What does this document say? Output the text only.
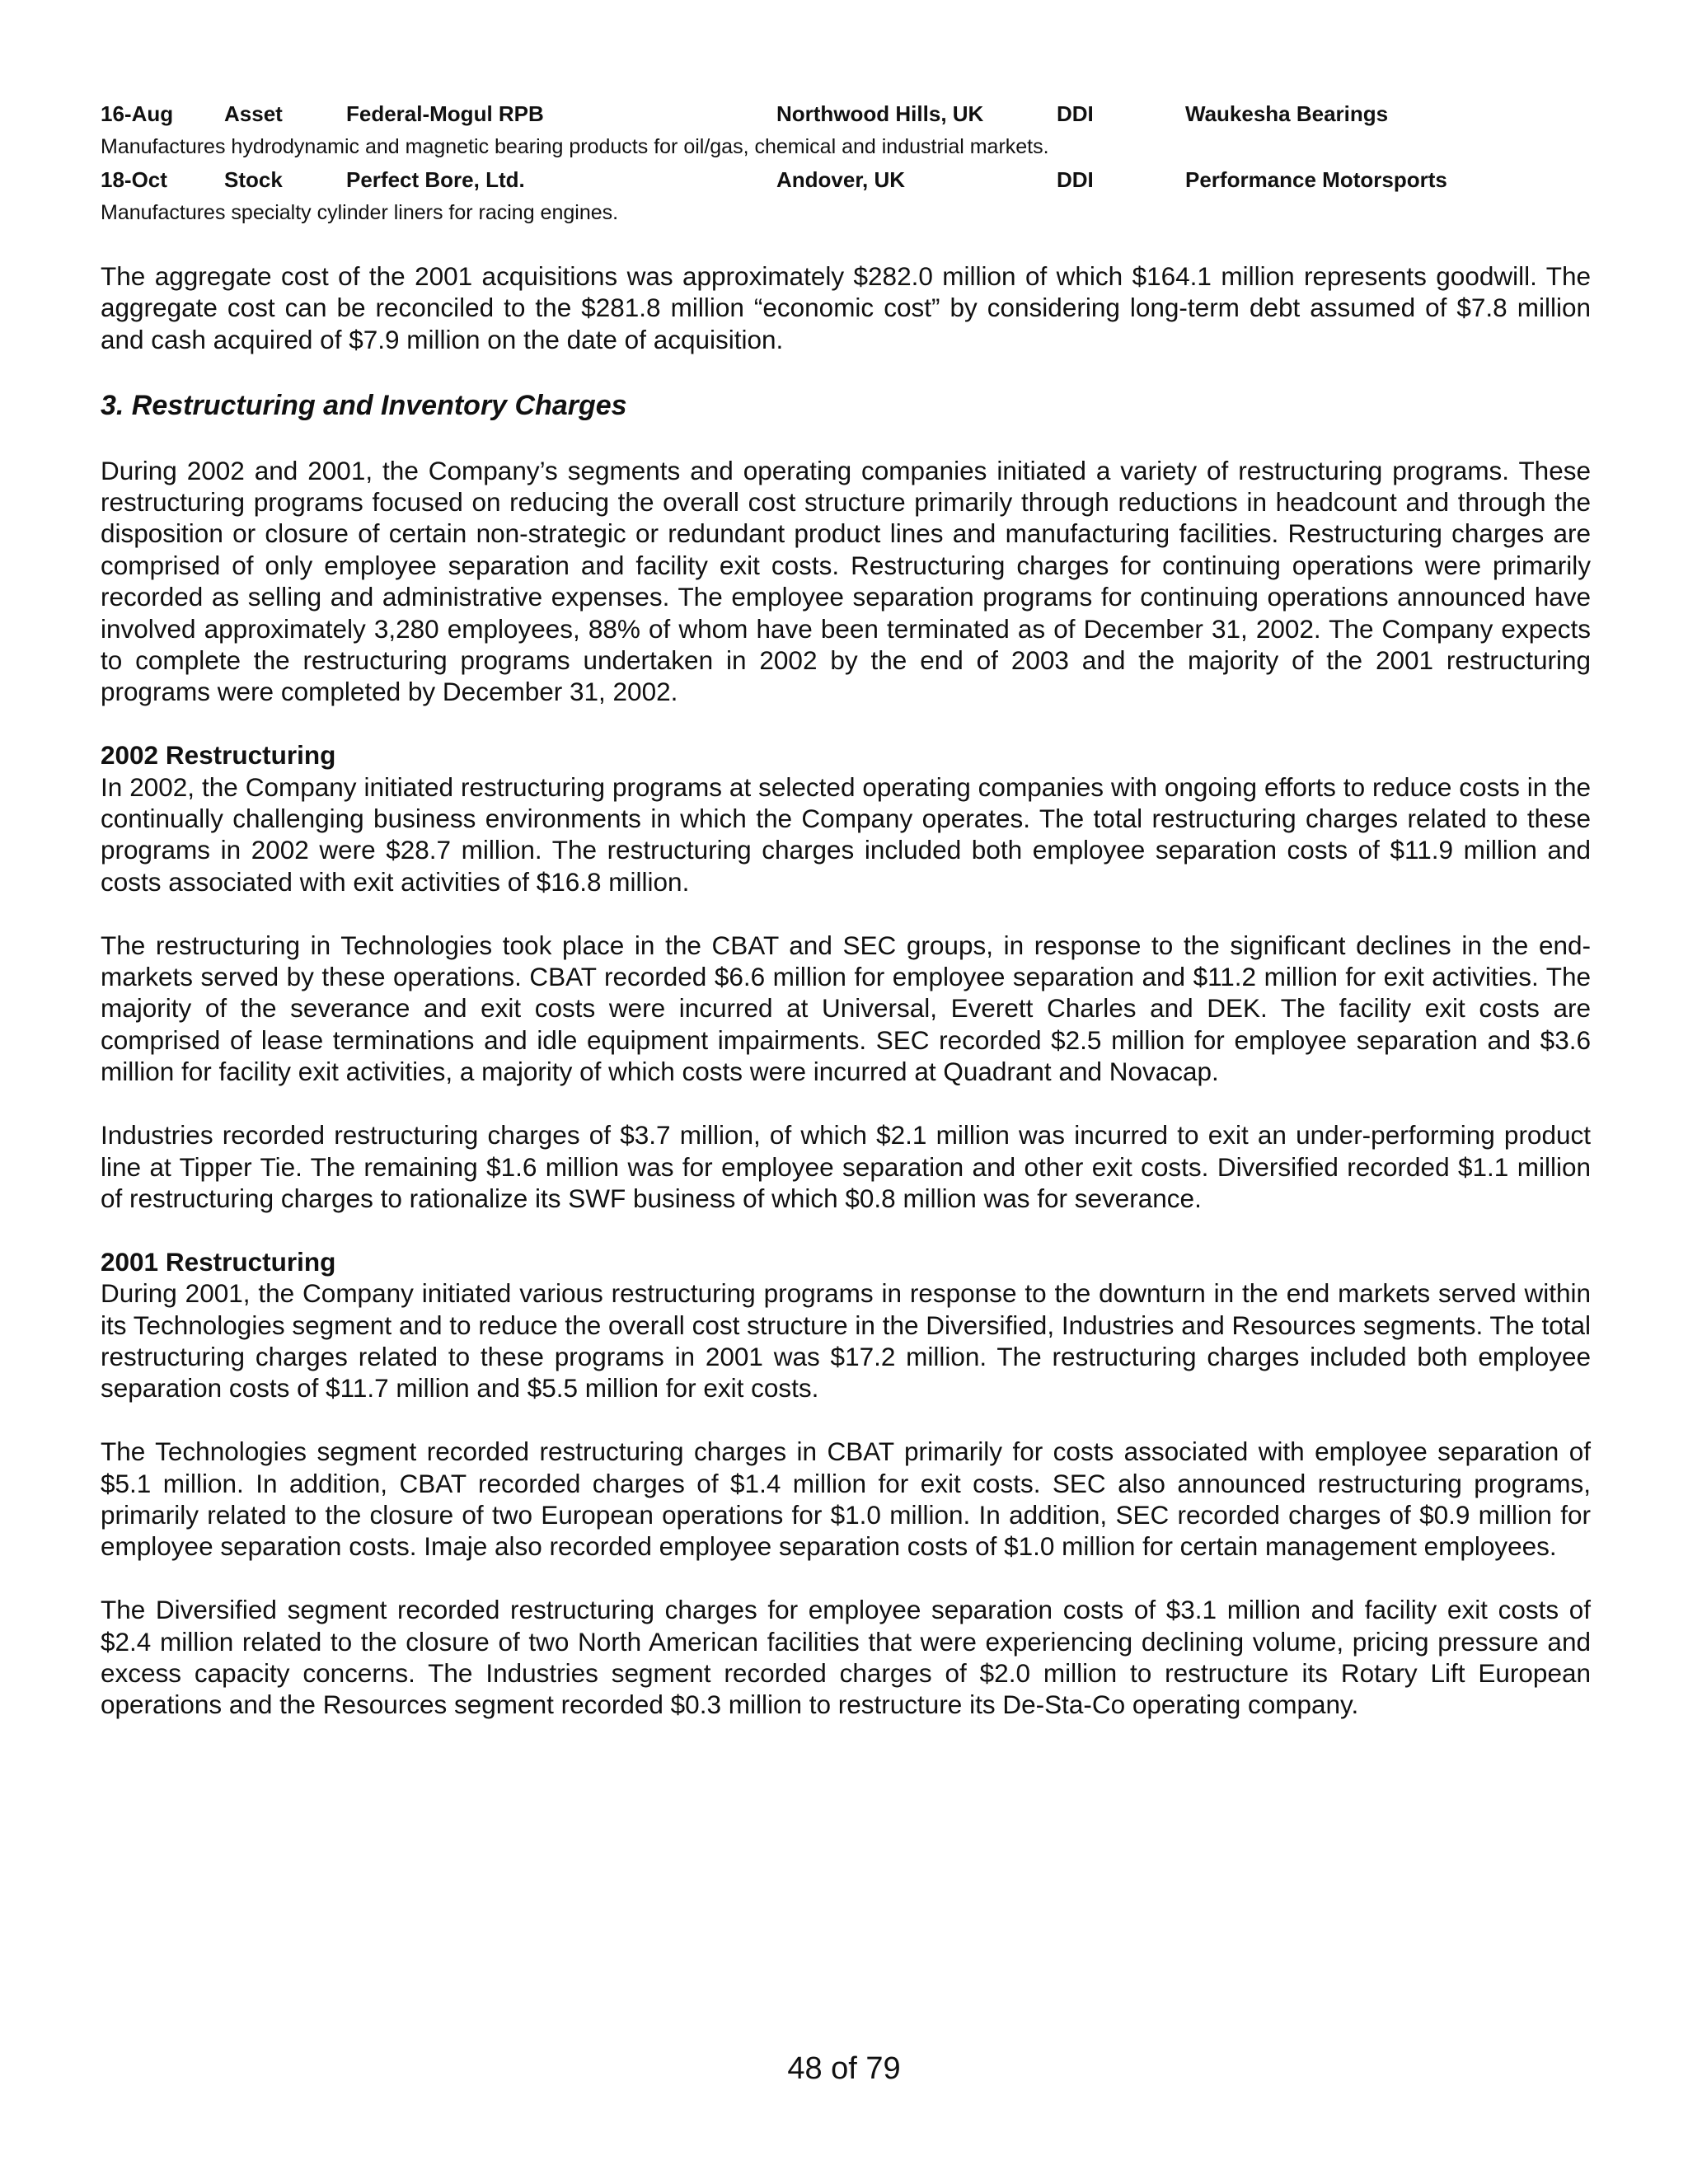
16-Aug Asset	Federal-Mogul RPB	Northwood Hills, UK	DDI	Waukesha Bearings
Manufactures hydrodynamic and magnetic bearing products for oil/gas, chemical and industrial markets.
18-Oct	Stock	Perfect Bore, Ltd.	Andover, UK	DDI	Performance Motorsports
Manufactures specialty cylinder liners for racing engines.

The aggregate cost of the 2001 acquisitions was approximately $282.0 million of which $164.1 million represents goodwill. The aggregate cost can be reconciled to the $281.8 million “economic cost” by considering long-term debt assumed of $7.8 million and cash acquired of $7.9 million on the date of acquisition.

3. Restructuring and Inventory Charges

During 2002 and 2001, the Company’s segments and operating companies initiated a variety of restructuring programs. These restructuring programs focused on reducing the overall cost structure primarily through reductions in headcount and through the disposition or closure of certain non-strategic or redundant product lines and manufacturing facilities. Restructuring charges are comprised of only employee separation and facility exit costs. Restructuring charges for continuing operations were primarily recorded as selling and administrative expenses. The employee separation programs for continuing operations announced have involved approximately 3,280 employees, 88% of whom have been terminated as of December 31, 2002. The Company expects to complete the restructuring programs undertaken in 2002 by the end of 2003 and the majority of the 2001 restructuring programs were completed by December 31, 2002.

2002 Restructuring

In 2002, the Company initiated restructuring programs at selected operating companies with ongoing efforts to reduce costs in the continually challenging business environments in which the Company operates. The total restructuring charges related to these programs in 2002 were $28.7 million. The restructuring charges included both employee separation costs of $11.9 million and costs associated with exit activities of $16.8 million.

The restructuring in Technologies took place in the CBAT and SEC groups, in response to the significant declines in the end-markets served by these operations. CBAT recorded $6.6 million for employee separation and $11.2 million for exit activities. The majority of the severance and exit costs were incurred at Universal, Everett Charles and DEK. The facility exit costs are comprised of lease terminations and idle equipment impairments. SEC recorded $2.5 million for employee separation and $3.6 million for facility exit activities, a majority of which costs were incurred at Quadrant and Novacap.

Industries recorded restructuring charges of $3.7 million, of which $2.1 million was incurred to exit an under-performing product line at Tipper Tie. The remaining $1.6 million was for employee separation and other exit costs. Diversified recorded $1.1 million of restructuring charges to rationalize its SWF business of which $0.8 million was for severance.

2001 Restructuring

During 2001, the Company initiated various restructuring programs in response to the downturn in the end markets served within its Technologies segment and to reduce the overall cost structure in the Diversified, Industries and Resources segments. The total restructuring charges related to these programs in 2001 was $17.2 million. The restructuring charges included both employee separation costs of $11.7 million and $5.5 million for exit costs.

The Technologies segment recorded restructuring charges in CBAT primarily for costs associated with employee separation of $5.1 million. In addition, CBAT recorded charges of $1.4 million for exit costs. SEC also announced restructuring programs, primarily related to the closure of two European operations for $1.0 million. In addition, SEC recorded charges of $0.9 million for employee separation costs. Imaje also recorded employee separation costs of $1.0 million for certain management employees.

The Diversified segment recorded restructuring charges for employee separation costs of $3.1 million and facility exit costs of $2.4 million related to the closure of two North American facilities that were experiencing declining volume, pricing pressure and excess capacity concerns. The Industries segment recorded charges of $2.0 million to restructure its Rotary Lift European operations and the Resources segment recorded $0.3 million to restructure its De-Sta-Co operating company.

48 of 79
